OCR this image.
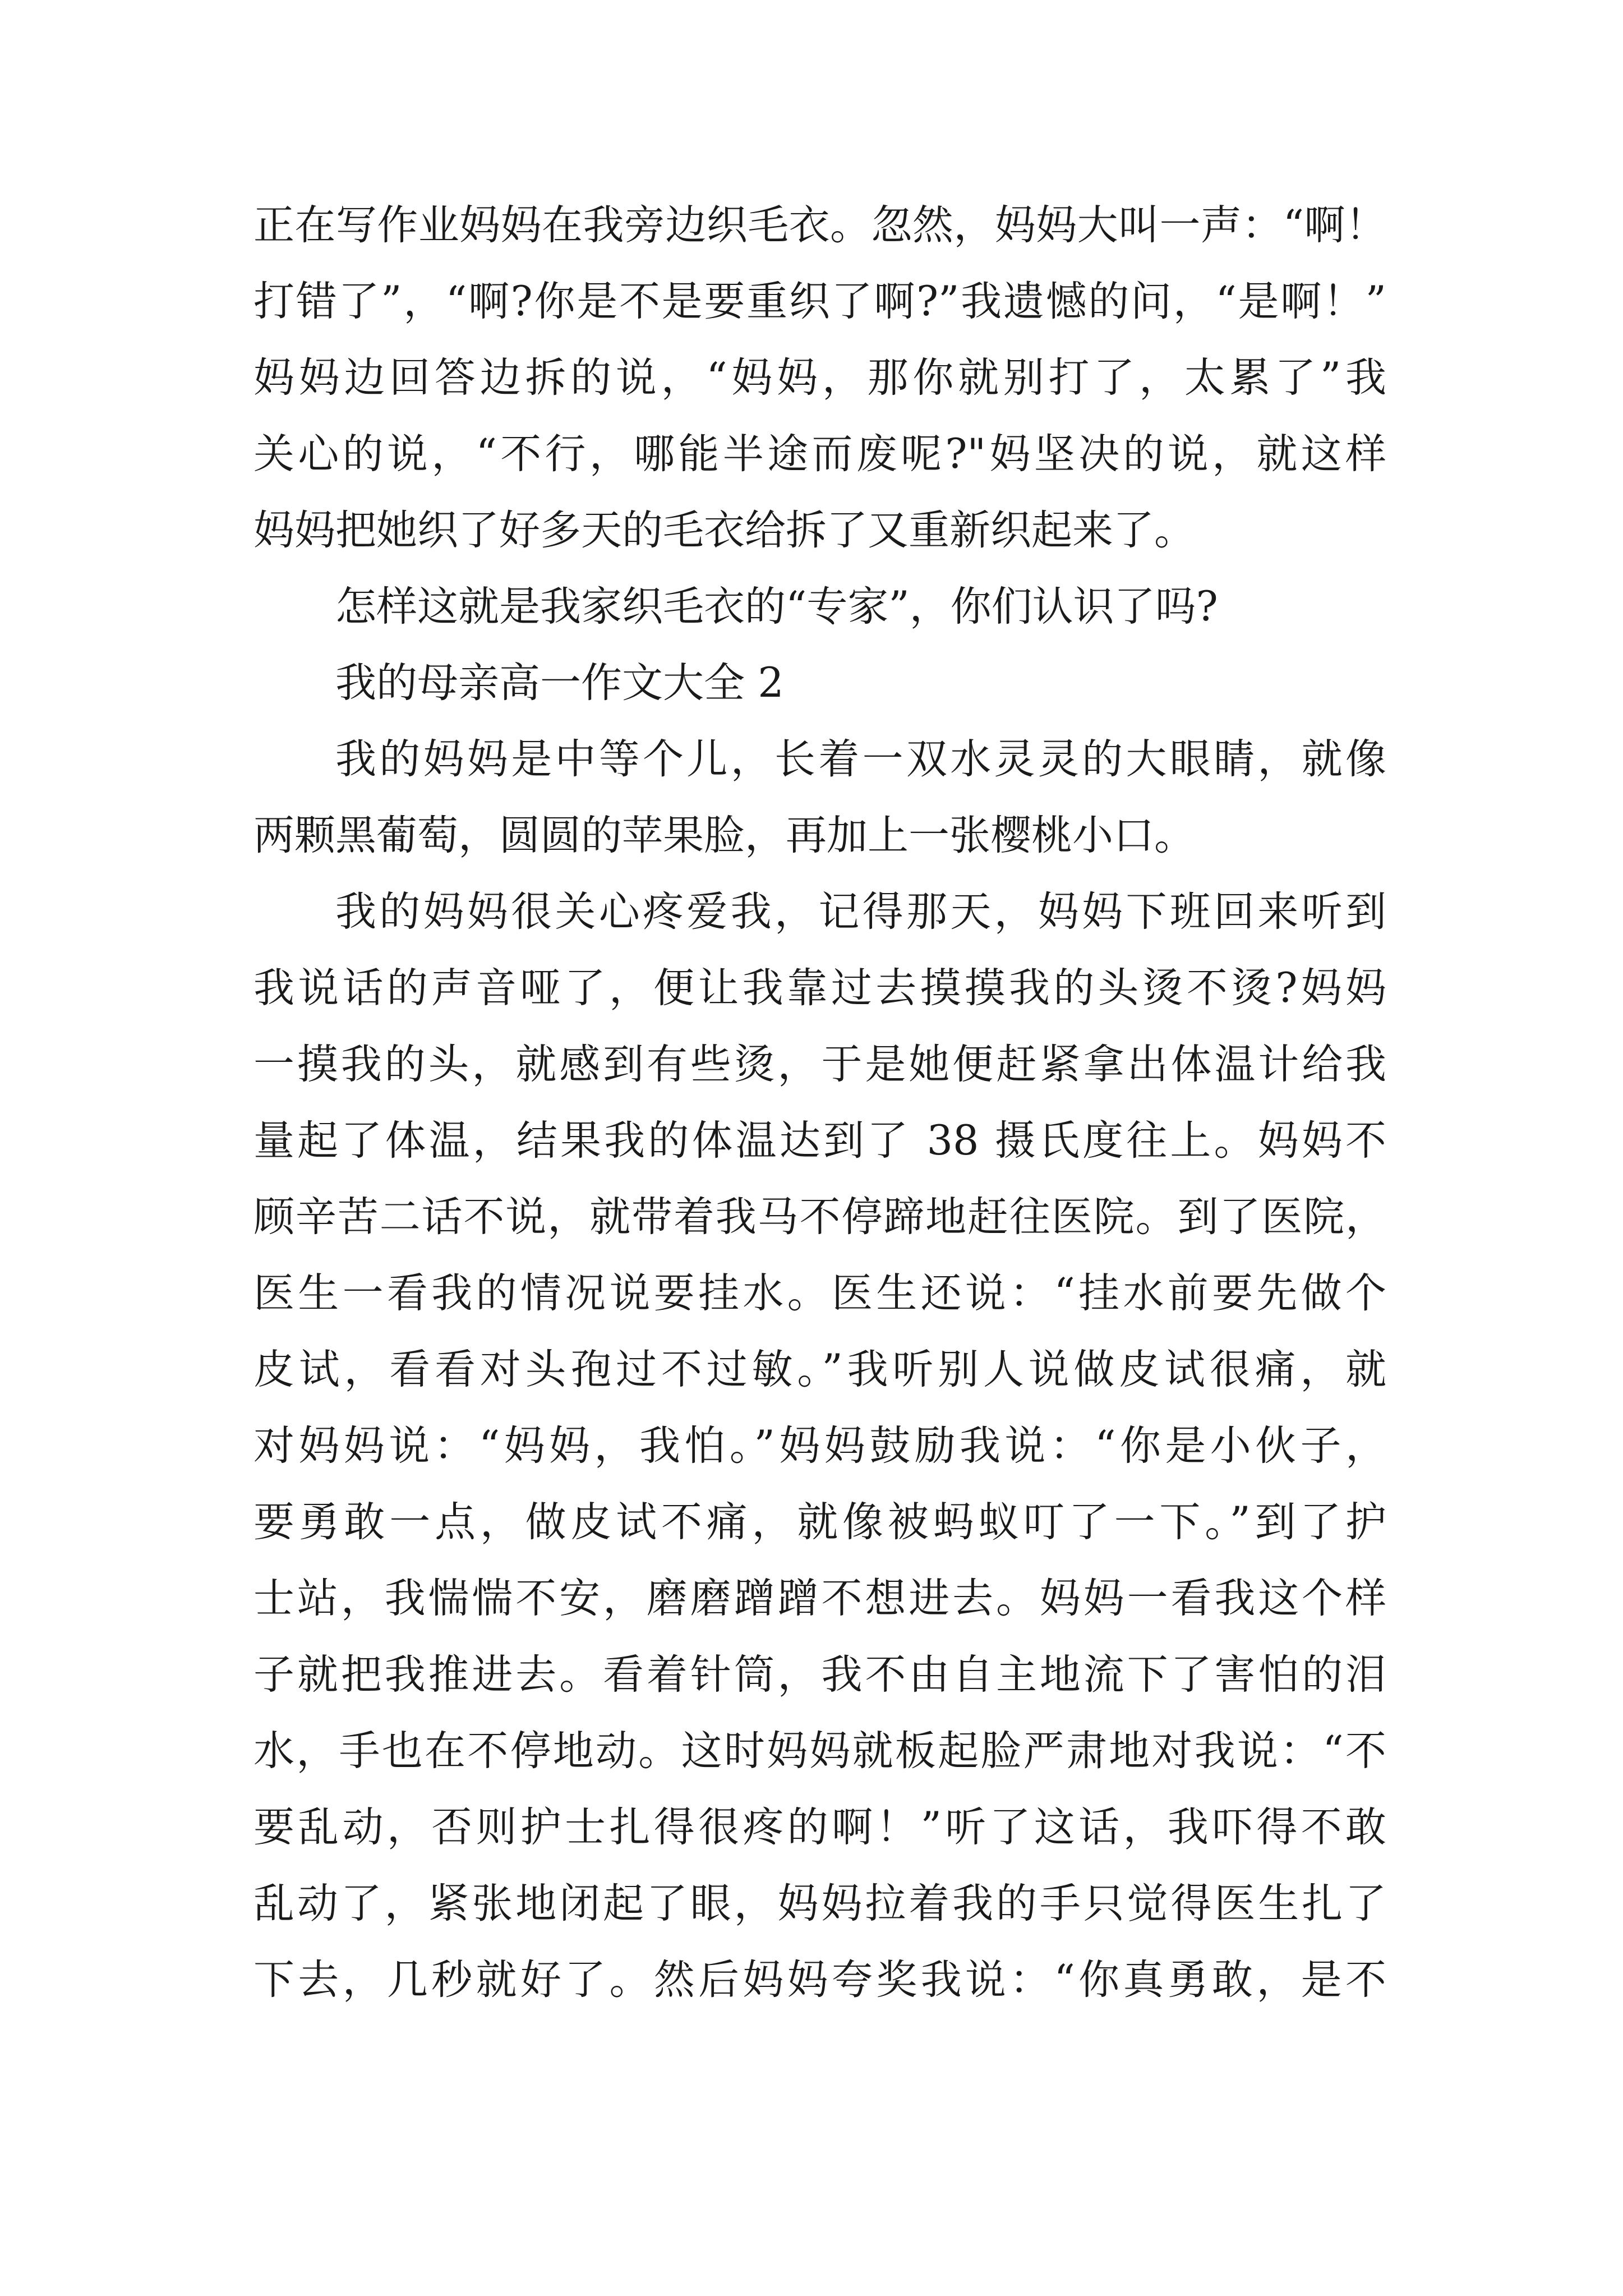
正在写作业妈妈在我旁边织毛衣。忽然，妈妈大叫一声：“啊！
打错了”，“啊?你是不是要重织了啊?”我遗憾的问，“是啊！”
妈妈边回答边拆的说，“妈妈，那你就别打了，太累了”我
关心的说，“不行，哪能半途而废呢?"妈坚决的说，就这样
妈妈把她织了好多天的毛衣给拆了又重新织起来了。
怎样这就是我家织毛衣的“专家”，你们认识了吗?
我的母亲高一作文大全 2
我的妈妈是中等个儿，长着一双水灵灵的大眼睛，就像
两颗黑葡萄，圆圆的苹果脸，再加上一张樱桃小口。
我的妈妈很关心疼爱我，记得那天，妈妈下班回来听到
我说话的声音哑了，便让我靠过去摸摸我的头烫不烫?妈妈
一摸我的头，就感到有些烫，于是她便赶紧拿出体温计给我
量起了体温，结果我的体温达到了 38 摄氏度往上。妈妈不
顾辛苦二话不说，就带着我马不停蹄地赶往医院。到了医院，
医生一看我的情况说要挂水。医生还说：“挂水前要先做个
皮试，看看对头孢过不过敏。”我听别人说做皮试很痛，就
对妈妈说：“妈妈，我怕。”妈妈鼓励我说：“你是小伙子，
要勇敢一点，做皮试不痛，就像被蚂蚁叮了一下。”到了护
士站，我惴惴不安，磨磨蹭蹭不想进去。妈妈一看我这个样
子就把我推进去。看着针筒，我不由自主地流下了害怕的泪
水，手也在不停地动。这时妈妈就板起脸严肃地对我说：“不
要乱动，否则护士扎得很疼的啊！”听了这话，我吓得不敢
乱动了，紧张地闭起了眼，妈妈拉着我的手只觉得医生扎了
下去，几秒就好了。然后妈妈夸奖我说：“你真勇敢，是不
